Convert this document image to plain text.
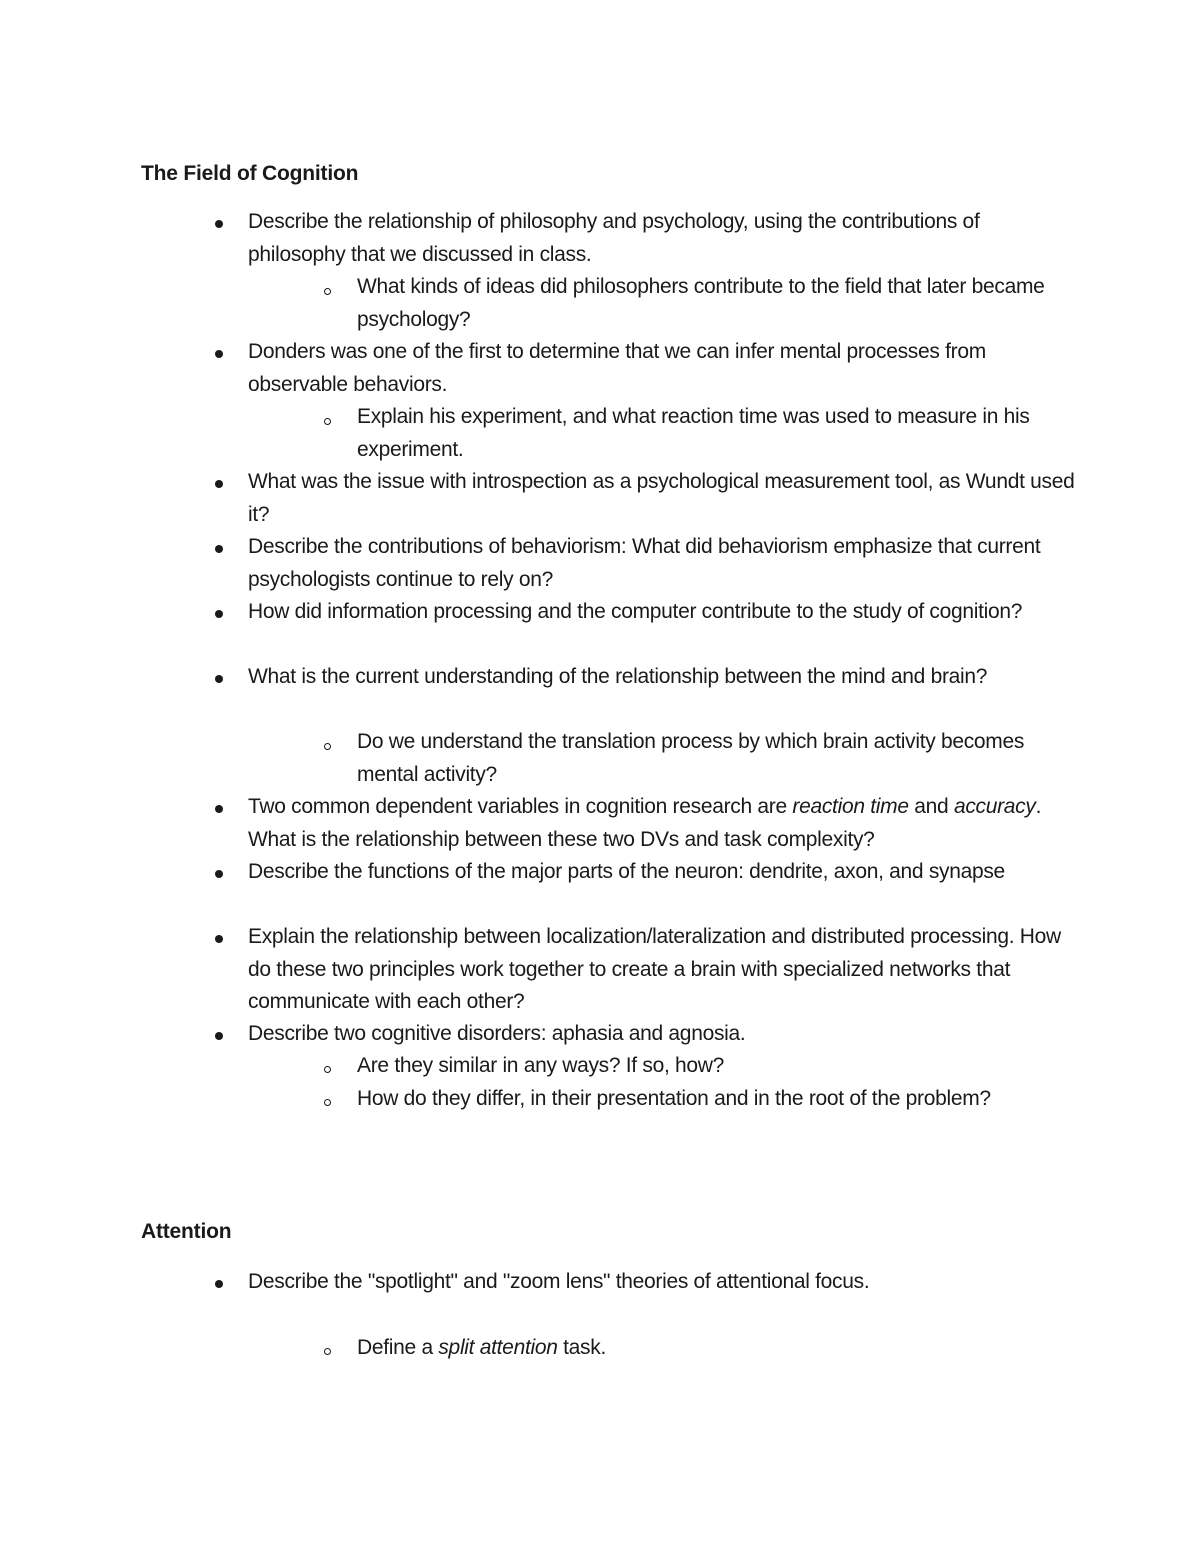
The Field of Cognition
Describe the relationship of philosophy and psychology, using the contributions of philosophy that we discussed in class.
What kinds of ideas did philosophers contribute to the field that later became psychology?
Donders was one of the first to determine that we can infer mental processes from observable behaviors.
Explain his experiment, and what reaction time was used to measure in his experiment.
What was the issue with introspection as a psychological measurement tool, as Wundt used it?
Describe the contributions of behaviorism: What did behaviorism emphasize that current psychologists continue to rely on?
How did information processing and the computer contribute to the study of cognition?
What is the current understanding of the relationship between the mind and brain?
Do we understand the translation process by which brain activity becomes mental activity?
Two common dependent variables in cognition research are reaction time and accuracy. What is the relationship between these two DVs and task complexity?
Describe the functions of the major parts of the neuron: dendrite, axon, and synapse
Explain the relationship between localization/lateralization and distributed processing. How do these two principles work together to create a brain with specialized networks that communicate with each other?
Describe two cognitive disorders: aphasia and agnosia.
Are they similar in any ways? If so, how?
How do they differ, in their presentation and in the root of the problem?
Attention
Describe the "spotlight" and "zoom lens" theories of attentional focus.
Define a split attention task.
